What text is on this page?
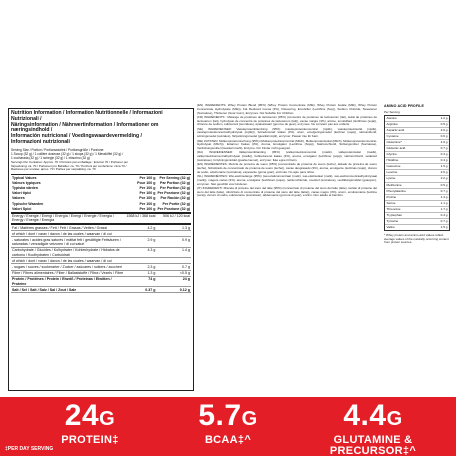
Nutrition Information / Information Nutritionnelle / Informazioni Nutrizionali /
Näringsinformation / Nährwertinformation / Informationer om næringsindhold /
Información nutricional / Voedingswaardevermelding /
Informazioni nutrizionali
Serving Size / Portion / Portionsstorlek / Portionsgröße / Porzione:
1 Scoop (32 g) / 1 cuillère doseuse (32 g) / 1 skopa (32 g) / 1 Messlöffel (32 g) /
1 cucharada (32 g) / 1 schepje (32 g) / 1 misurino (32 g)
Servings Per Container: Approx. 70 / Portions par emballage : Environ 70 / Portioner per
förpackning: ca. 70 / Portionen pro Behälter: ca. 70 / Porzioni per confezione: circa 70 /
Raciones por envase: aprox. 70 / Porties per verpakking: ca. 70
Typical Values	Per 100 g	Per Serving (32 g)
Valeurs typiques	Pour 100 g	Par Portion (32 g)
Typiska värden	Per 100 g	Per Portion (32 g)
Valori tipici	Per 100 g	Per Porzione (32 g)
Valores	Por 100 g	Por Ración (32 g)
Typische Waarden	Per 100 g	Per Portie (32 g)
Valori Spici	Per 100 g	Per Porzione (32 g)
Energy / Energie / Energi / Energía / Energi / Energie / Energia / Energy / Energie / Energia	1568 kJ / 368 kcal	506 kJ / 120 kcal
Fat / Matières grasses / Fett / Fett / Grasas / Vetten / Grassi	4.2 g	1.3 g
of which / dont / varav / davon / de las cuales / waarvan / di cui		
- saturates / acides gras saturés / mättat fett / gesättigte Fettsäuren / saturadas / verzadigde vetzuren / di cui saturi	2.9 g	0.9 g
Carbohydrate / Glucides / Kolhydrater / Kohlenhydrate / Hidratos de carbono / Koolhydraten / Carboidrati	4.3 g	1.4 g
of which / dont / varav / davon / de las cuales / waarvan / di cui		
- sugars / sucres / sockerarter / Zucker / azúcares / suikers / zuccheri	2.3 g	0.7 g
Fibre / Fibres alimentaires / Fiber / Ballaststoffe / Fibra / Vezels / Fibre	1.3 g	<0.5 g
Protein / Protéines / Protein / Eiweiß / Proteínas / Eiwitten / Proteine	74 g	24 g
Salt / Sel / Salt / Salz / Sal / Zout / Sale	0.37 g	0.12 g

(EN) INGREDIENTS: Whey Protein Blend (95%) (Whey Protein Concentrate (Milk), Whey Protein Isolate (Milk), Whey Protein Concentrate Hydrolysate (Milk)), Fat Reduced Cocoa (3%), Flavouring, Emulsifier (Lecithins (Soy)), Sodium Chloride, Sweetener (Sucralose), Thickener (Guar Gum), Enzymes. Not Suitable For Children.

(FR) INGRÉDIENTS : Mélange de protéines de lactosérum (95%) (concentré de protéines de lactosérum (lait), isolat de protéines de lactosérum (lait), hydrolysat de concentré de protéines de lactosérum (lait)), cacao maigre (3%), arôme, émulsifiant (lécithines (soja)), chlorure de sodium, édulcorant (sucralose), épaississant (gomme de guar), enzymes. Ne convient pas aux enfants.

(SE) INGREDIENSER: Vassleproteinblandning (95%) (vassleproteinkoncentrat (mjölk), vassleproteinisolat (mjölk), vassleproteinkoncentrathydrolysat (mjölk)), fettreducerad kakao (3%), arom, emulgeringsmedel (lecitiner (soja)), natriumklorid, sötningsmedel (sukralos), förtjockningsmedel (guarkärnmjöl), enzymer. Passar inte för barn.

(DE) ZUTATEN: Molkenproteinmischung (95%) (Molkenproteinkonzentrat (Milch), Molkenproteinisolat (Milch), Molkenproteinkonzentrat-Hydrolysat (Milch)), fettarmer Kakao (3%), Aroma, Emulgator (Lecithine (Soja)), Natriumchlorid, Süßungsmittel (Sucralose), Verdickungsmittel (Guarkernmehl), Enzyme. Für Kinder nicht geeignet.

(DA) INGREDIENSER: Valleproteinblanding (95%) (valleproteinkoncentrat (mælk), valleproteinisolat (mælk), valleproteinkoncentrathydrolysat (mælk)), fedtreduceret kakao (3%), aroma, emulgator (lecithiner (soja)), natriumchlorid, sødestof (sukralose), fortykningsmiddel (guarkernemel), enzymer. Ikke egnet til børn.

(ES) INGREDIENTES: Mezcla de proteína de suero (95%) (concentrado de proteína de suero (leche), aislado de proteína de suero (leche), hidrolizado de concentrado de proteína de suero (leche)), cacao desgrasado (3%), aroma, emulgente (lecitinas (soja)), cloruro de sodio, edulcorante (sucralosa), espesante (goma guar), enzimas. No apto para niños.

(NL) INGREDIËNTEN: Wei-eiwitmelange (95%) (wei-eiwitconcentraat (melk), wei-eiwitisolaat (melk), wei-eiwitconcentraathydrolysaat (melk)), magere cacao (3%), aroma, emulgator (lecithinen (soja)), natriumchloride, zoetstof (sucralose), verdikkingsmiddel (guargom), enzymen. Niet geschikt voor kinderen.

(IT) INGREDIENTI: Miscela di proteine del siero del latte (95%) (concentrato di proteine del siero del latte (latte), isolato di proteine del siero del latte (latte), idrolizzato di concentrato di proteine del siero del latte (latte)), cacao magro (3%), aromi, emulsionante (lecitine (soia)), cloruro di sodio, edulcorante (sucralosio), addensante (gomma di guar), enzimi. Non adatto ai bambini.

AMINO ACID PROFILE
Per Serving
Alanine	1.2 g
Arginine	0.5 g
Aspartic acid	2.6 g
Cysteine	0.6 g
Glutamine*	4.0 g
Glutamic acid	0.7 g
Glycine	0.4 g
Histidine	0.4 g
Isoleucine	1.5 g
Leucine	2.6 g
Lysine	2.2 g
Methionine	0.5 g
Phenylalanine	0.7 g
Proline	1.4 g
Serine	1.1 g
Threonine	1.7 g
Tryptophan	0.4 g
Tyrosine	0.7 g
Valine	1.5 g
* Whey protein and amino acid values reflect average values of the naturally occurring content from protein sources.
24G
PROTEIN‡
5.7G
BCAA‡^
4.4G
GLUTAMINE &
PRECURSOR‡^
‡PER DAY SERVING
